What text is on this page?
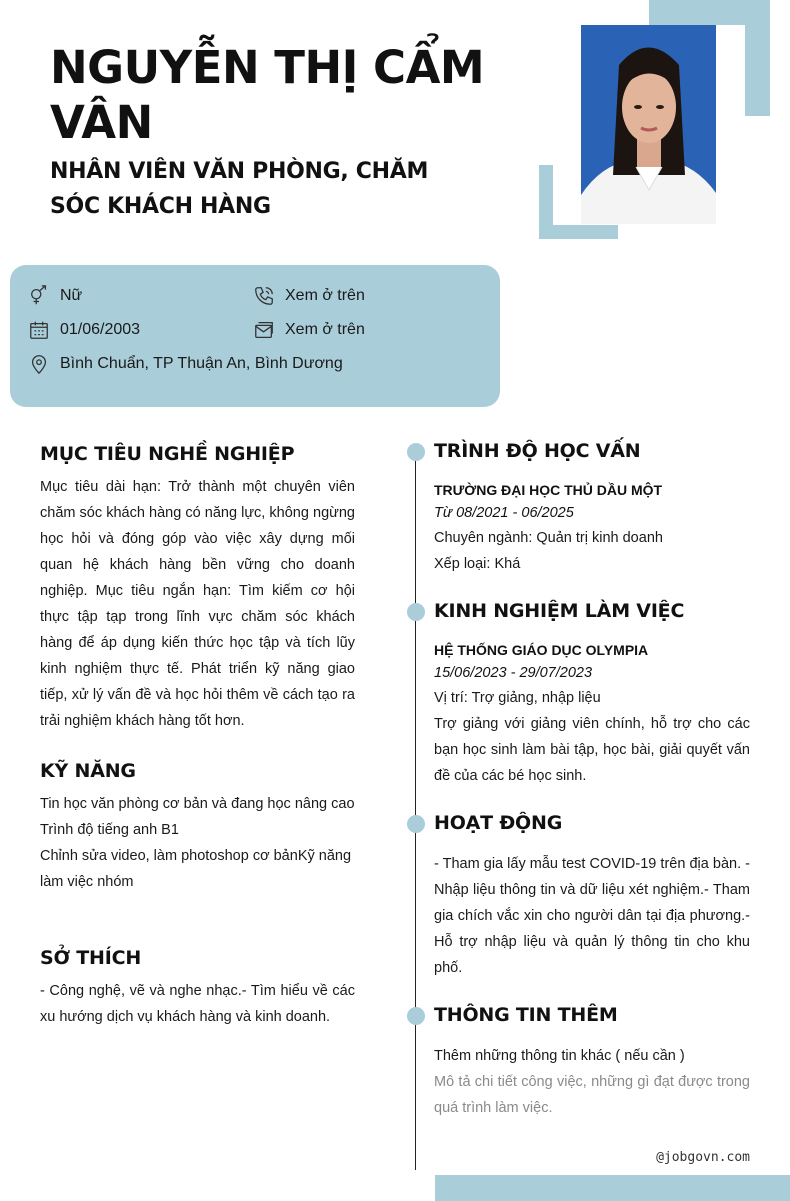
NGUYỄN THỊ CẨM VÂN

NHÂN VIÊN VĂN PHÒNG, CHĂM SÓC KHÁCH HÀNG

Nữ	Xem ở trên
01/06/2003	Xem ở trên
Bình Chuẩn, TP Thuận An, Bình Dương
MỤC TIÊU NGHỀ NGHIỆP

Mục tiêu dài hạn: Trở thành một chuyên viên chăm sóc khách hàng có năng lực, không ngừng học hỏi và đóng góp vào việc xây dựng mối quan hệ khách hàng bền vững cho doanh nghiệp. Mục tiêu ngắn hạn: Tìm kiếm cơ hội thực tập tạp trong lĩnh vực chăm sóc khách hàng để áp dụng kiến thức học tập và tích lũy kinh nghiệm thực tế. Phát triển kỹ năng giao tiếp, xử lý vấn đề và học hỏi thêm về cách tạo ra trải nghiệm khách hàng tốt hơn.

KỸ NĂNG
Tin học văn phòng cơ bản và đang học nâng cao
Trình độ tiếng anh B1
Chỉnh sửa video, làm photoshop cơ bảnKỹ năng làm việc nhóm
SỞ THÍCH

- Công nghệ, vẽ và nghe nhạc.- Tìm hiểu về các xu hướng dịch vụ khách hàng và kinh doanh.

TRÌNH ĐỘ HỌC VẤN

TRƯỜNG ĐẠI HỌC THỦ DẦU MỘT

Từ 08/2021 - 06/2025

Chuyên ngành: Quản trị kinh doanh

Xếp loại: Khá

KINH NGHIỆM LÀM VIỆC

HỆ THỐNG GIÁO DỤC OLYMPIA

15/06/2023 - 29/07/2023

Vị trí: Trợ giảng, nhập liệu

Trợ giảng với giảng viên chính, hỗ trợ cho các bạn học sinh làm bài tập, học bài, giải quyết vấn đề của các bé học sinh.

HOẠT ĐỘNG

- Tham gia lấy mẫu test COVID-19 trên địa bàn. - Nhập liệu thông tin và dữ liệu xét nghiệm.- Tham gia chích vắc xin cho người dân tại địa phương.- Hỗ trợ nhập liệu và quản lý thông tin cho khu phố.

THÔNG TIN THÊM

Thêm những thông tin khác ( nếu cần )

Mô tả chi tiết công việc, những gì đạt được trong quá trình làm việc.

@jobgovn.com
